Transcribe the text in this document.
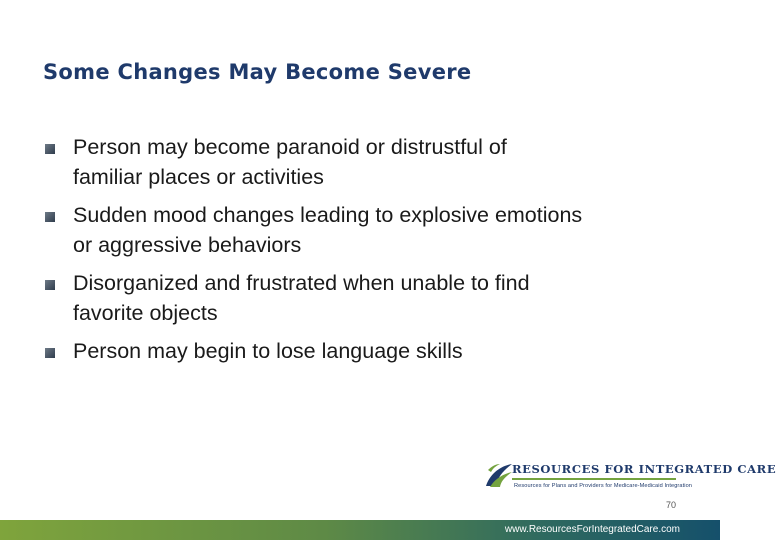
Some Changes May Become Severe
Person may become paranoid or distrustful of
familiar places or activities
Sudden mood changes leading to explosive emotions
or aggressive behaviors
Disorganized and frustrated when unable to find
favorite objects
Person may begin to lose language skills
RESOURCES FOR INTEGRATED CARE
Resources for Plans and Providers for Medicare-Medicaid Integration
70
www.ResourcesForIntegratedCare.com
